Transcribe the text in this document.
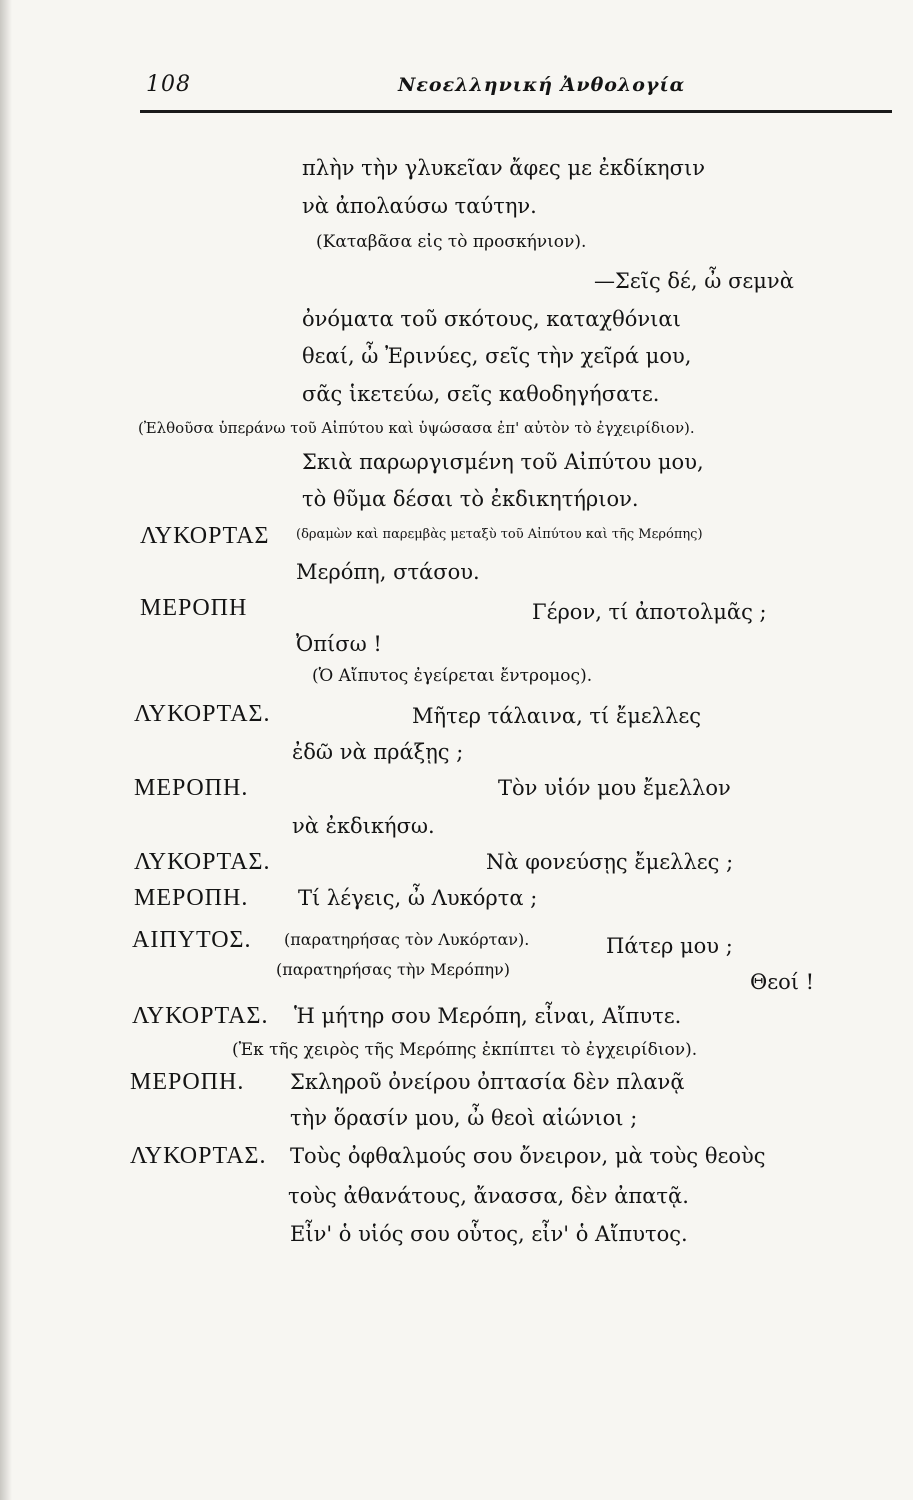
108	Νεοελληνική Ἀνθολογία
πλὴν τὴν γλυκεῖαν ἄφες με ἐκδίκησιν
νὰ ἀπολαύσω ταύτην.
(Καταβᾶσα εἰς τὸ προσκήνιον).
—Σεῖς δέ, ὦ σεμνὰ
ὀνόματα τοῦ σκότους, καταχθόνιαι
θεαί, ὦ Ἐρινύες, σεῖς τὴν χεῖρά μου,
σᾶς ἱκετεύω, σεῖς καθοδηγήσατε.
(Ἐλθοῦσα ὑπεράνω τοῦ Αἰπύτου καὶ ὑψώσασα ἐπ' αὐτὸν τὸ ἐγχειρίδιον).
Σκιὰ παρωργισμένη τοῦ Αἰπύτου μου,
τὸ θῦμα δέσαι τὸ ἐκδικητήριον.
ΛΥΚΟΡΤΑΣ (δραμὼν καὶ παρεμβὰς μεταξὺ τοῦ Αἰπύτου καὶ τῆς Μερόπης)
Μερόπη, στάσου.
ΜΕΡΟΠΗ	Γέρον, τί ἀποτολμᾶς ;
Ὀπίσω !
(Ὁ Αἴπυτος ἐγείρεται ἔντρομος).
ΛΥΚΟΡΤΑΣ.	Μῆτερ τάλαινα, τί ἔμελλες
ἐδῶ νὰ πράξῃς ;
ΜΕΡΟΠΗ.	Τὸν υἱόν μου ἔμελλον
νὰ ἐκδικήσω.
ΛΥΚΟΡΤΑΣ.	Νὰ φονεύσῃς ἔμελλες ;
ΜΕΡΟΠΗ. Τί λέγεις, ὦ Λυκόρτα ;
ΑΙΠΥΤΟΣ. (παρατηρήσας τὸν Λυκόρταν).	Πάτερ μου ;
(παρατηρήσας τὴν Μερόπην)
Θεοί !
ΛΥΚΟΡΤΑΣ. Ἡ μήτηρ σου Μερόπη, εἶναι, Αἴπυτε.
(Ἐκ τῆς χειρὸς τῆς Μερόπης ἐκπίπτει τὸ ἐγχειρίδιον).
ΜΕΡΟΠΗ. Σκληροῦ ὀνείρου ὀπτασία δὲν πλανᾷ
τὴν ὅρασίν μου, ὦ θεοὶ αἰώνιοι ;
ΛΥΚΟΡΤΑΣ. Τοὺς ὀφθαλμούς σου ὄνειρον, μὰ τοὺς θεοὺς
τοὺς ἀθανάτους, ἄνασσα, δὲν ἀπατᾷ.
Εἶν' ὁ υἱός σου οὗτος, εἶν' ὁ Αἴπυτος.
